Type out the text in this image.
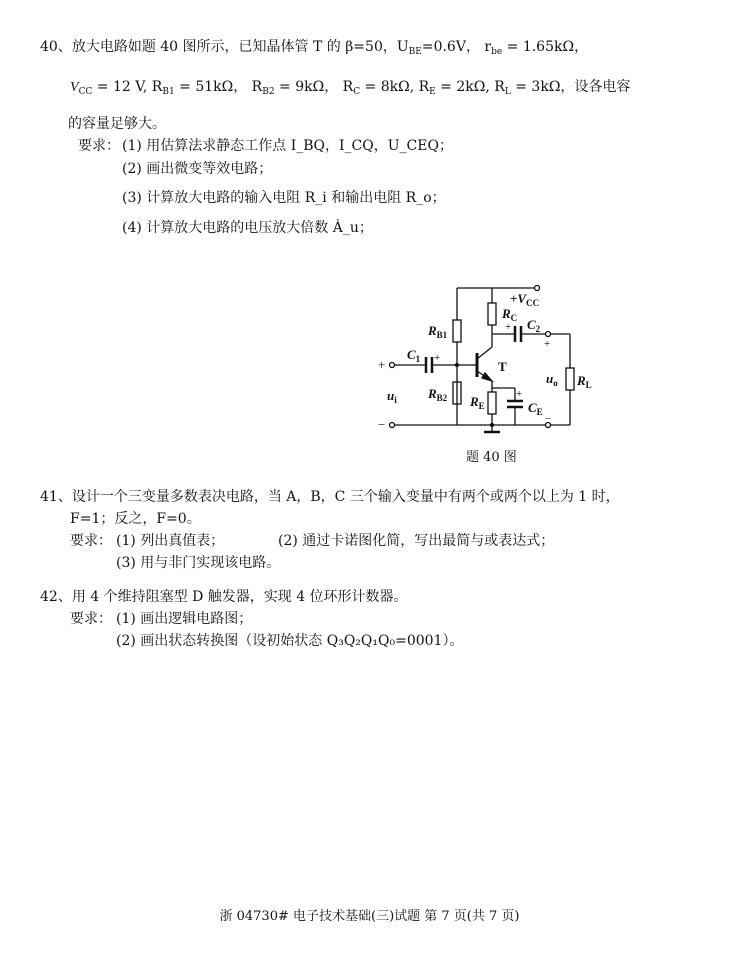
40、放大电路如题 40 图所示，已知晶体管 T 的 β=50，$U_{BE}=0.6V$， $r_{be} = 1.65k\Omega$，
$V_{CC} = 12$ V, $R_{B1} = 51k\Omega$， $R_{B2} = 9k\Omega$， $R_C = 8k\Omega$, $R_E = 2k\Omega$, $R_L = 3k\Omega$，设各电容
的容量足够大。
要求： (1) 用估算法求静态工作点 I_BQ，I_CQ，U_CEQ；
(2) 画出微变等效电路；
(3) 计算放大电路的输入电阻 R_i 和输出电阻 R_o；
(4) 计算放大电路的电压放大倍数 Ȧ_u；
$+V_{CC}$
$R_{B1}$
$R_{B2}$
$R_C$
$R_E$
$R_L$
$C_1$
$C_2$
$C_E$
T
$u_i$
$u_o$
+
−
+
+
+
+
−
题 40 图
41、设计一个三变量多数表决电路，当 A，B，C 三个输入变量中有两个或两个以上为 1 时，
F=1；反之，F=0。
要求： (1) 列出真值表；	(2) 通过卡诺图化简，写出最简与或表达式；
(3) 用与非门实现该电路。
42、用 4 个维持阻塞型 D 触发器，实现 4 位环形计数器。
要求： (1) 画出逻辑电路图；
(2) 画出状态转换图（设初始状态 Q₃Q₂Q₁Q₀=0001）。
浙 04730# 电子技术基础(三)试题 第 7 页(共 7 页)
